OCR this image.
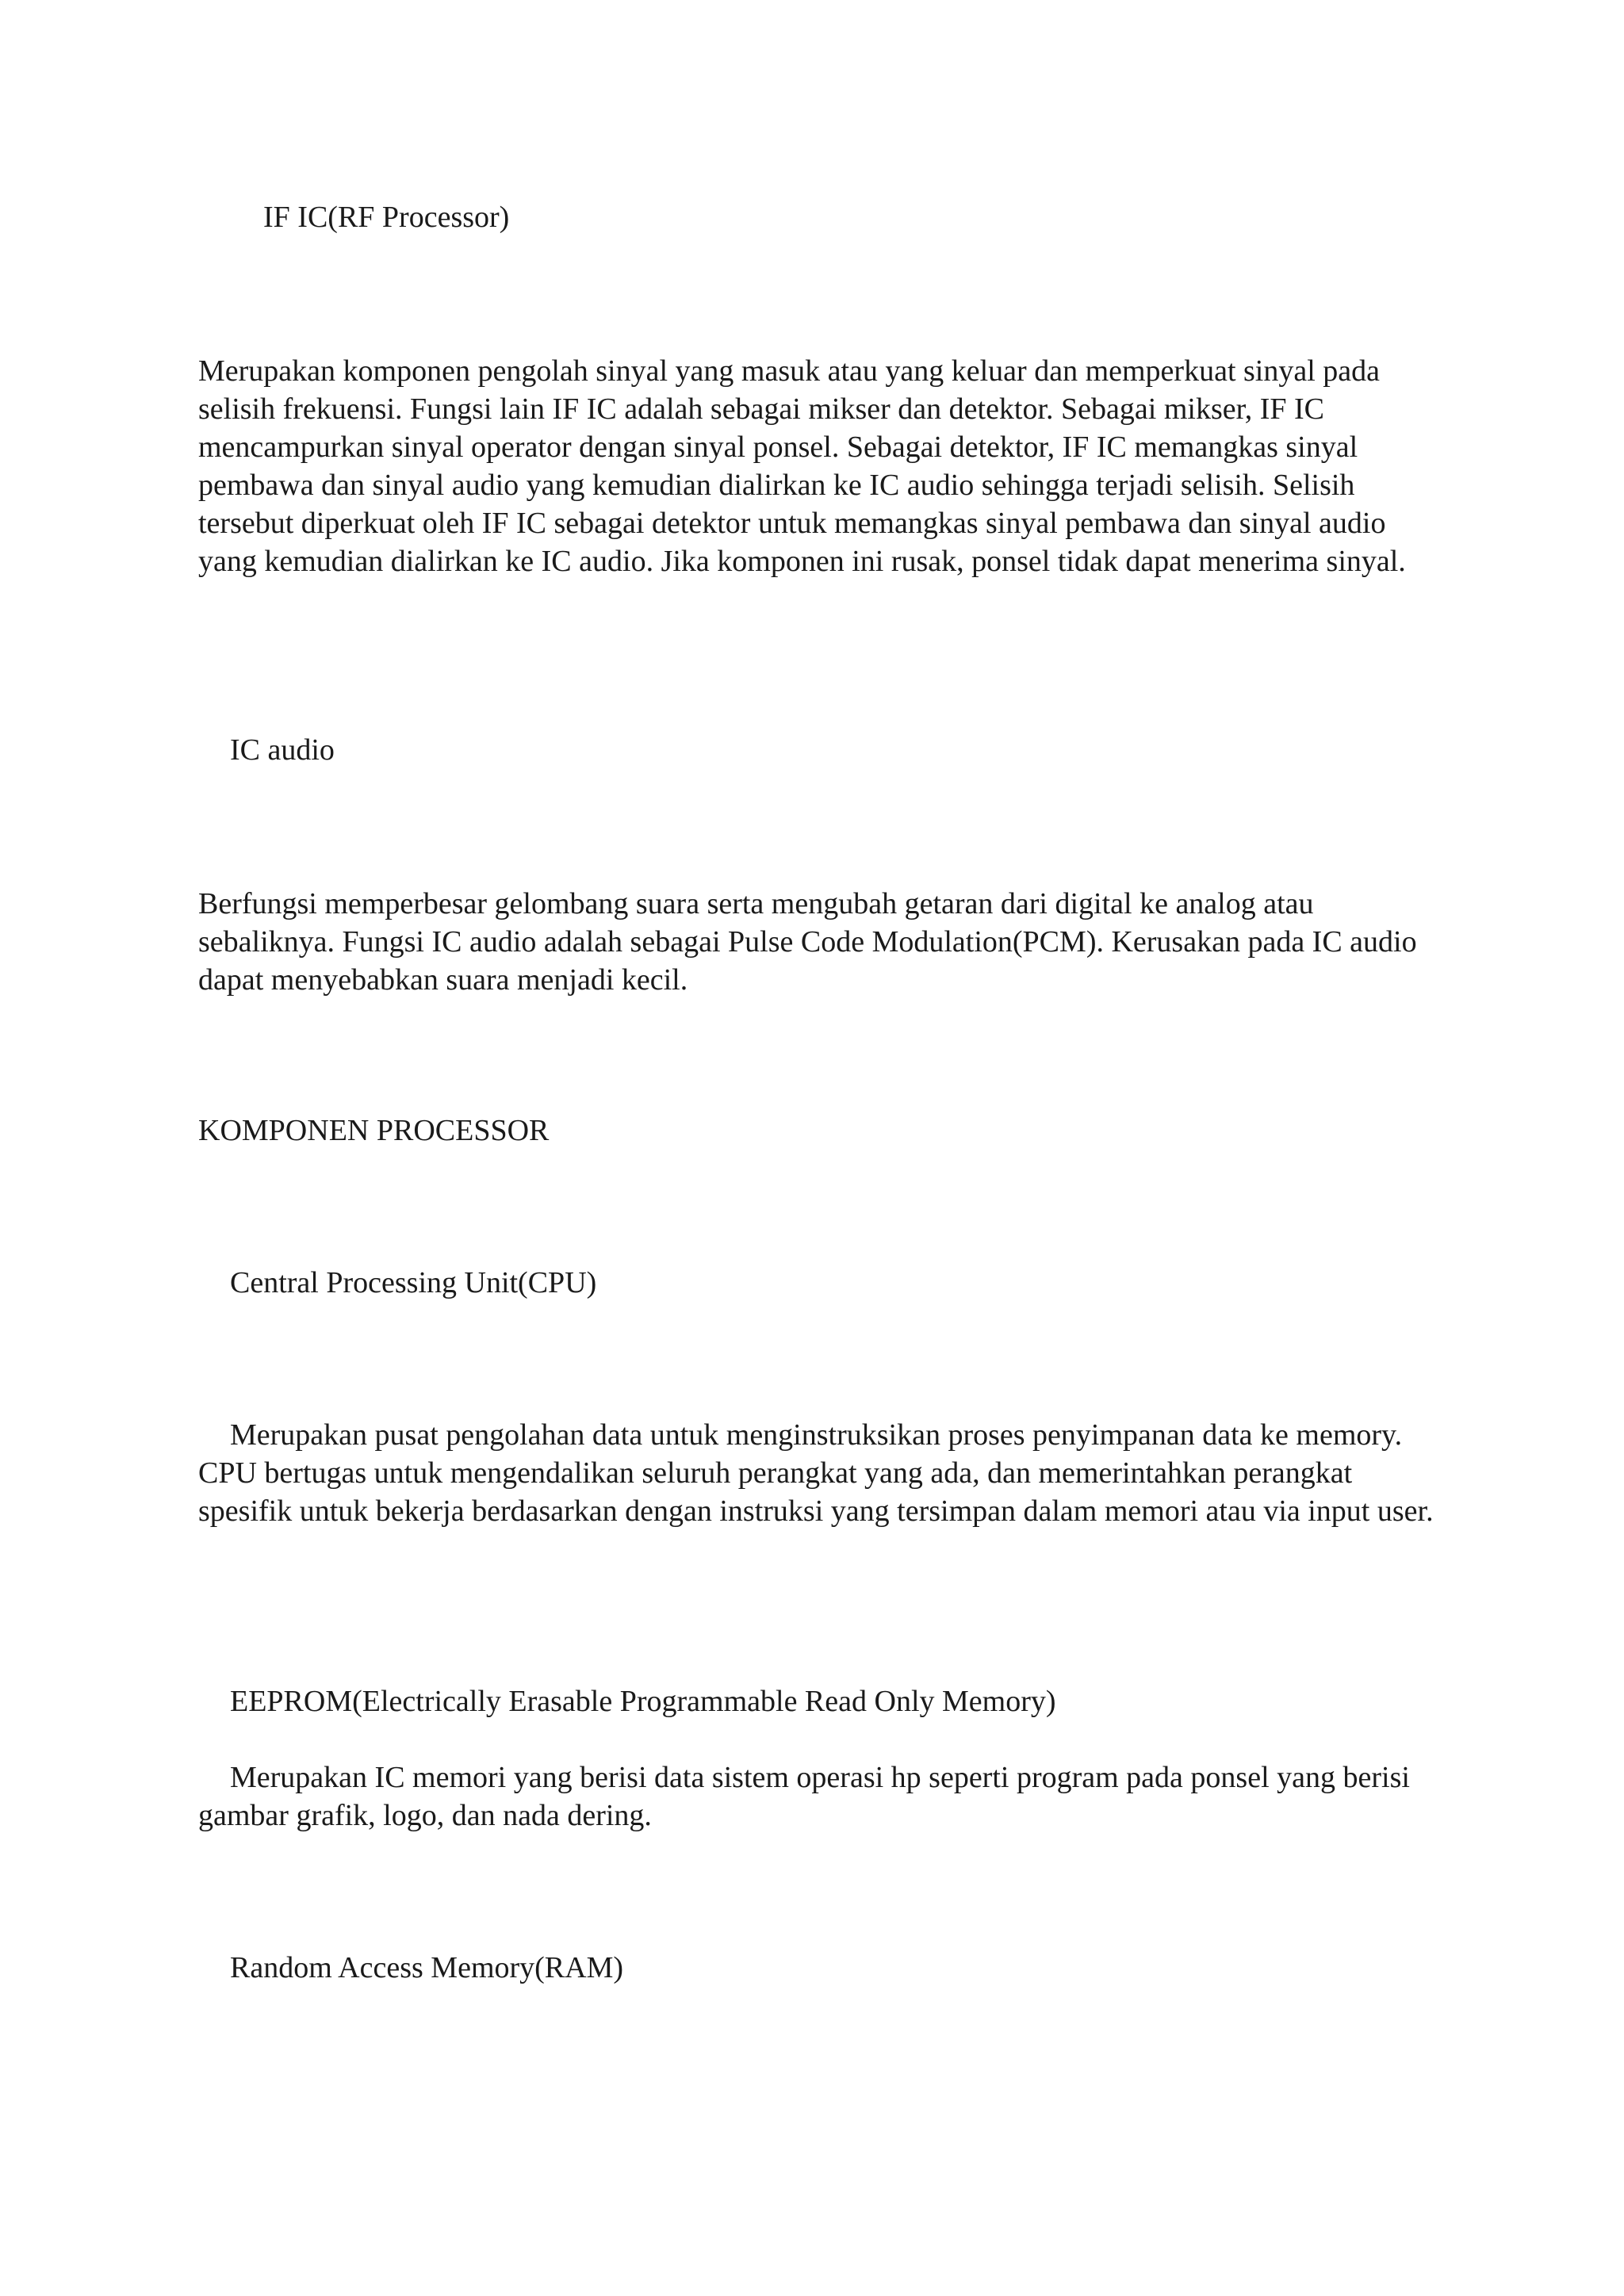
IF IC(RF Processor)

Merupakan komponen pengolah sinyal yang masuk atau yang keluar dan memperkuat sinyal pada selisih frekuensi. Fungsi lain IF IC adalah sebagai mikser dan detektor. Sebagai mikser, IF IC mencampurkan sinyal operator dengan sinyal ponsel. Sebagai detektor, IF IC memangkas sinyal pembawa dan sinyal audio yang kemudian dialirkan ke IC audio sehingga terjadi selisih. Selisih tersebut diperkuat oleh IF IC sebagai detektor untuk memangkas sinyal pembawa dan sinyal audio yang kemudian dialirkan ke IC audio. Jika komponen ini rusak, ponsel tidak dapat menerima sinyal.

IC audio

Berfungsi memperbesar gelombang suara serta mengubah getaran dari digital ke analog atau sebaliknya. Fungsi IC audio adalah sebagai Pulse Code Modulation(PCM). Kerusakan pada IC audio dapat menyebabkan suara menjadi kecil.

KOMPONEN PROCESSOR

Central Processing Unit(CPU)

Merupakan pusat pengolahan data untuk menginstruksikan proses penyimpanan data ke memory. CPU bertugas untuk mengendalikan seluruh perangkat yang ada, dan memerintahkan perangkat spesifik untuk bekerja berdasarkan dengan instruksi yang tersimpan dalam memori atau via input user.

EEPROM(Electrically Erasable Programmable Read Only Memory)

Merupakan IC memori yang berisi data sistem operasi hp seperti program pada ponsel yang berisi gambar grafik, logo, dan nada dering.

Random Access Memory(RAM)
